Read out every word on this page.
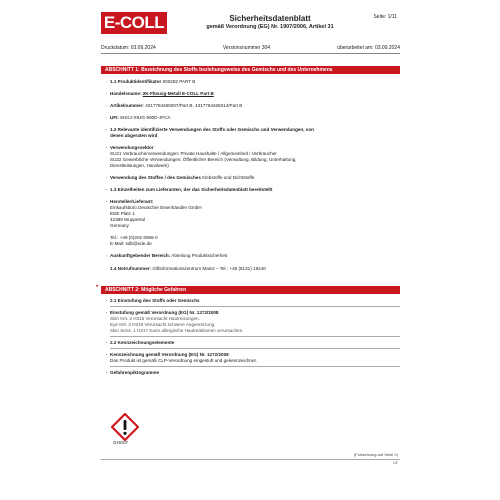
E-COLL	Sicherheitsdatenblatt
gemäß Verordnung (EG) Nr. 1907/2006, Artikel 31
Seite: 1/11
Druckdatum: 03.09.2024	Versionsnummer 304	überarbeitet am: 03.09.2024
ABSCHNITT 1: Bezeichnung des Stoffs beziehungsweise des Gemischs und des Unternehmens
· 1.1 Produktidentifikator 600282 PART B
· Handelsname: 2K-Flüssig-Metall E-COLL Part B
· Artikelnummer: 4317784465007/Part B, 4317784465014/Part B
· UFI: 8HGJ-X9JG-590D-JFCA
· 1.2 Relevante identifizierte Verwendungen des Stoffs oder Gemischs und Verwendungen, von
denen abgeraten wird
· Verwendungssektor
SU21 Verbraucherverwendungen: Private Haushalte / Allgemeinheit / Verbraucher
SU22 Gewerbliche Verwendungen: Öffentlicher Bereich (Verwaltung, Bildung, Unterhaltung,
Dienstleistungen, Handwerk)
· Verwendung des Stoffes / des Gemisches Klebstoffe und Dichtstoffe
· 1.3 Einzelheiten zum Lieferanten, der das Sicherheitsdatenblatt bereitstellt
· Hersteller/Lieferant:
Einkaufsbüro Deutscher Eisenhändler GmbH
EDE Platz 1
42389 Wuppertal
Germany
Tel.: +49 (0)202 6096-0
E-Mail: sdb@ede.de
· Auskunftgebender Bereich: Abteilung Produktsicherheit
· 1.4 Notrufnummer: Giftinformationszentrum Mainz – Tel.: +49 (6131) 19240
*	ABSCHNITT 2: Mögliche Gefahren
· 2.1 Einstufung des Stoffs oder Gemischs
· Einstufung gemäß Verordnung (EG) Nr. 1272/2008
Skin Irrit. 2 H315 Verursacht Hautreizungen.
Eye Irrit. 2 H319 Verursacht schwere Augenreizung.
Skin Sens. 1 H317 Kann allergische Hautreaktionen verursachen.
· 2.2 Kennzeichnungselemente
· Kennzeichnung gemäß Verordnung (EG) Nr. 1272/2008
Das Produkt ist gemäß CLP-Verordnung eingestuft und gekennzeichnet.
· Gefahrenpiktogramme
GHS07
(Fortsetzung auf Seite 2)
DE
